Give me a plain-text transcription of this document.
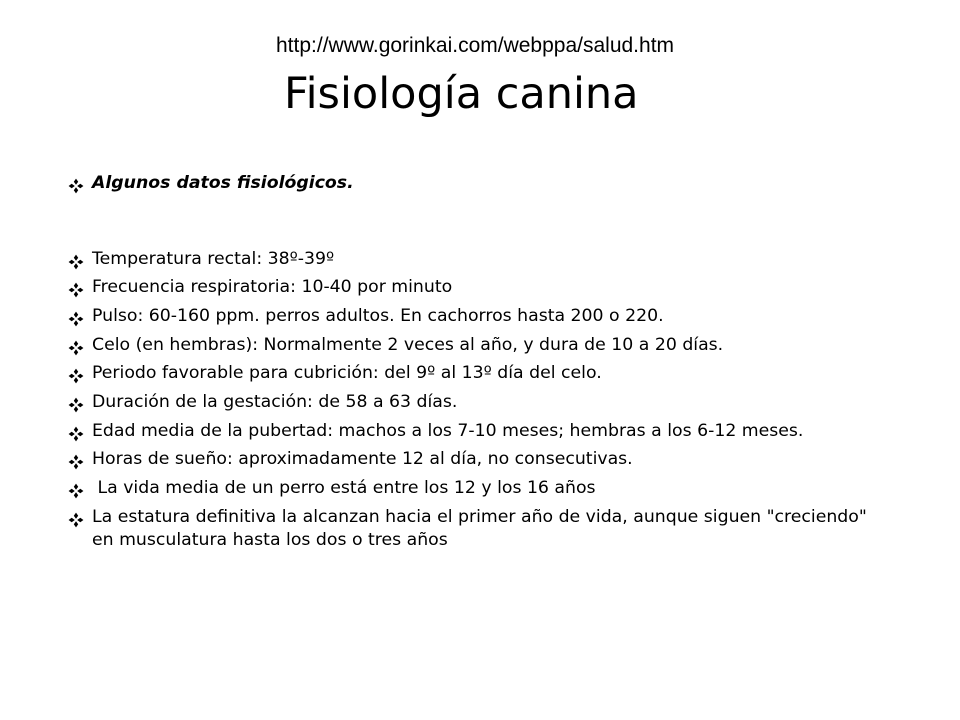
http://www.gorinkai.com/webppa/salud.htm
Fisiología canina
Algunos datos fisiológicos.
Temperatura rectal: 38º-39º
Frecuencia respiratoria: 10-40 por minuto
Pulso: 60-160 ppm. perros adultos. En cachorros hasta 200 o 220.
Celo (en hembras): Normalmente 2 veces al año, y dura de 10 a 20 días.
Periodo favorable para cubrición: del 9º al 13º día del celo.
Duración de la gestación: de 58 a 63 días.
Edad media de la pubertad: machos a los 7-10 meses; hembras a los 6-12 meses.
Horas de sueño: aproximadamente 12 al día, no consecutivas.
La vida media de un perro está entre los 12 y los 16 años
La estatura definitiva la alcanzan hacia el primer año de vida, aunque siguen "creciendo" en musculatura hasta los dos o tres años
